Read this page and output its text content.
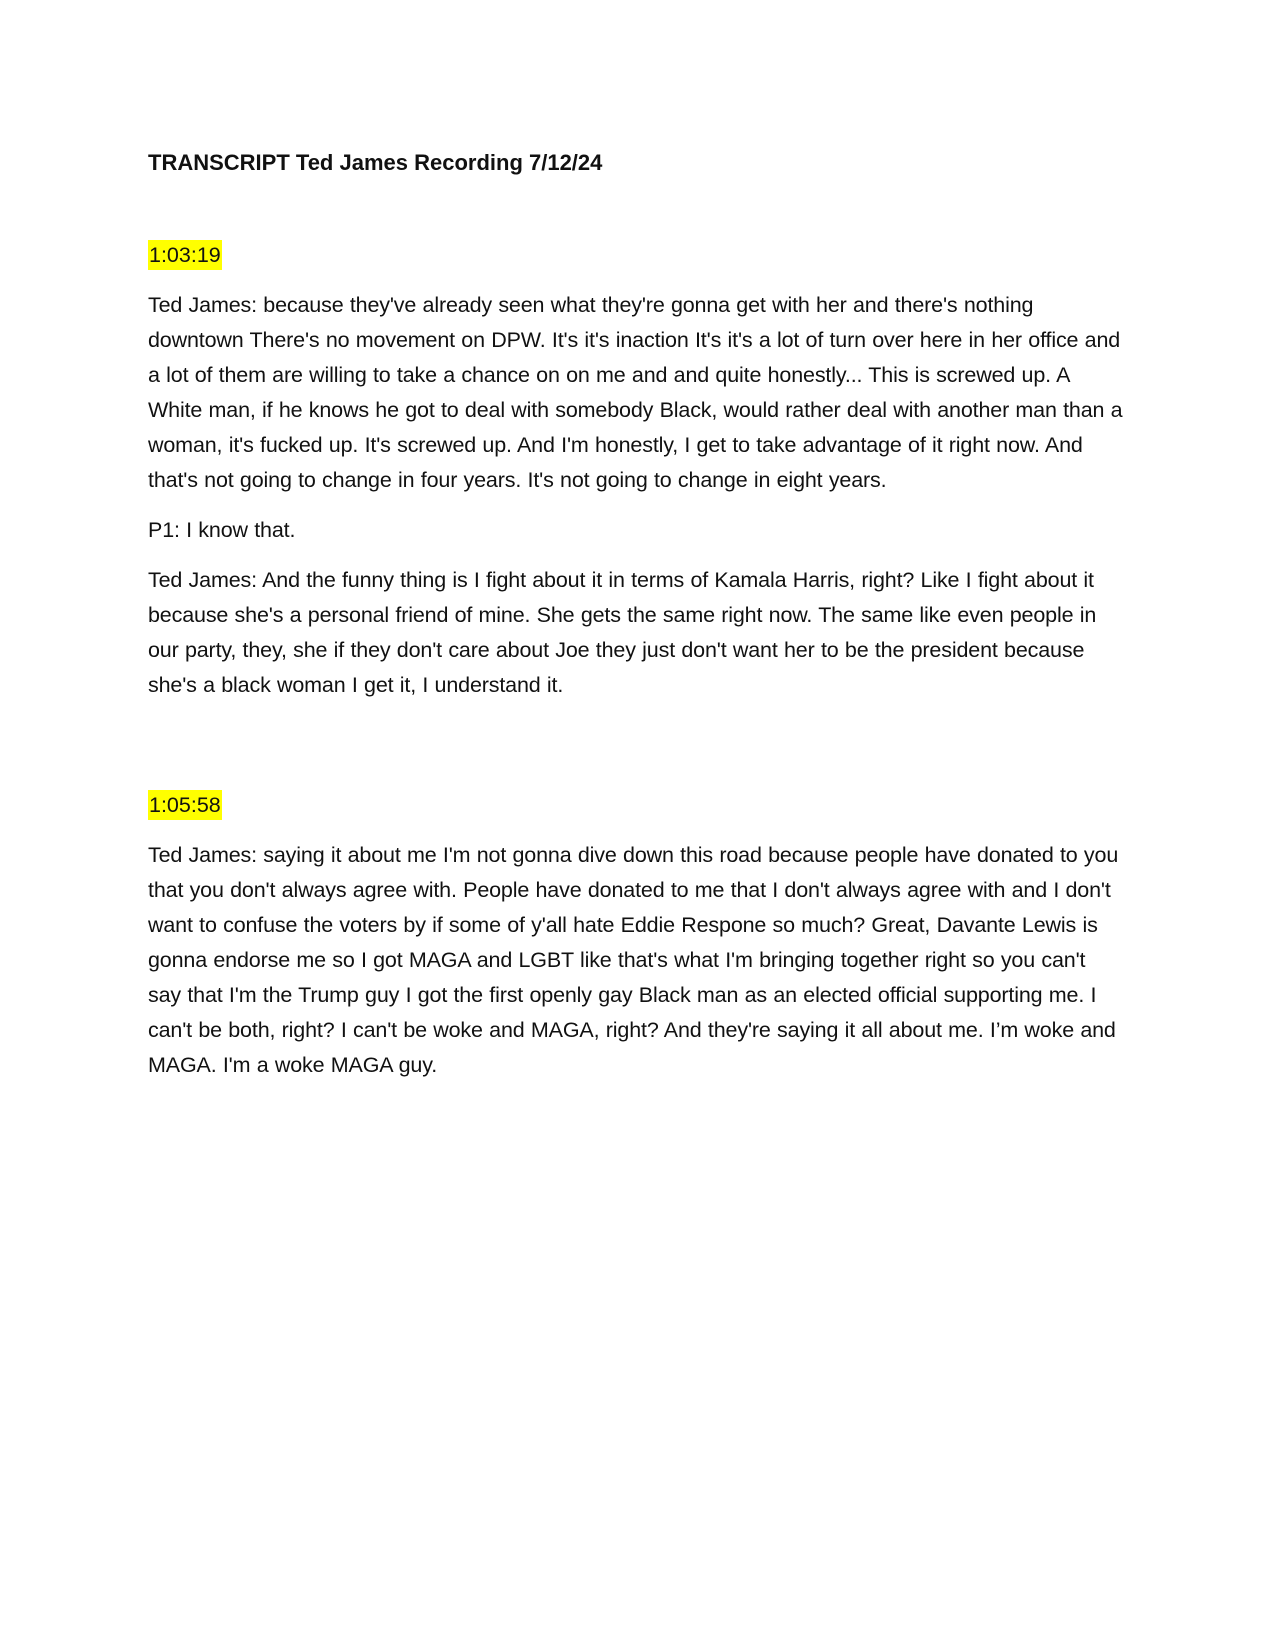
TRANSCRIPT Ted James Recording 7/12/24
1:03:19

Ted James: because they've already seen what they're gonna get with her and there's nothing downtown There's no movement on DPW. It's it's inaction It's it's a lot of turn over here in her office and a lot of them are willing to take a chance on on me and and quite honestly... This is screwed up. A White man, if he knows he got to deal with somebody Black, would rather deal with another man than a woman, it's fucked up. It's screwed up. And I'm honestly, I get to take advantage of it right now. And that's not going to change in four years. It's not going to change in eight years.

P1: I know that.

Ted James: And the funny thing is I fight about it in terms of Kamala Harris, right? Like I fight about it because she's a personal friend of mine. She gets the same right now. The same like even people in our party, they, she if they don't care about Joe they just don't want her to be the president because she's a black woman I get it, I understand it.

1:05:58

Ted James: saying it about me I'm not gonna dive down this road because people have donated to you that you don't always agree with. People have donated to me that I don't always agree with and I don't want to confuse the voters by if some of y'all hate Eddie Respone so much? Great, Davante Lewis is gonna endorse me so I got MAGA and LGBT like that's what I'm bringing together right so you can't say that I'm the Trump guy I got the first openly gay Black man as an elected official supporting me. I can't be both, right? I can't be woke and MAGA, right? And they're saying it all about me. I’m woke and MAGA. I'm a woke MAGA guy.
